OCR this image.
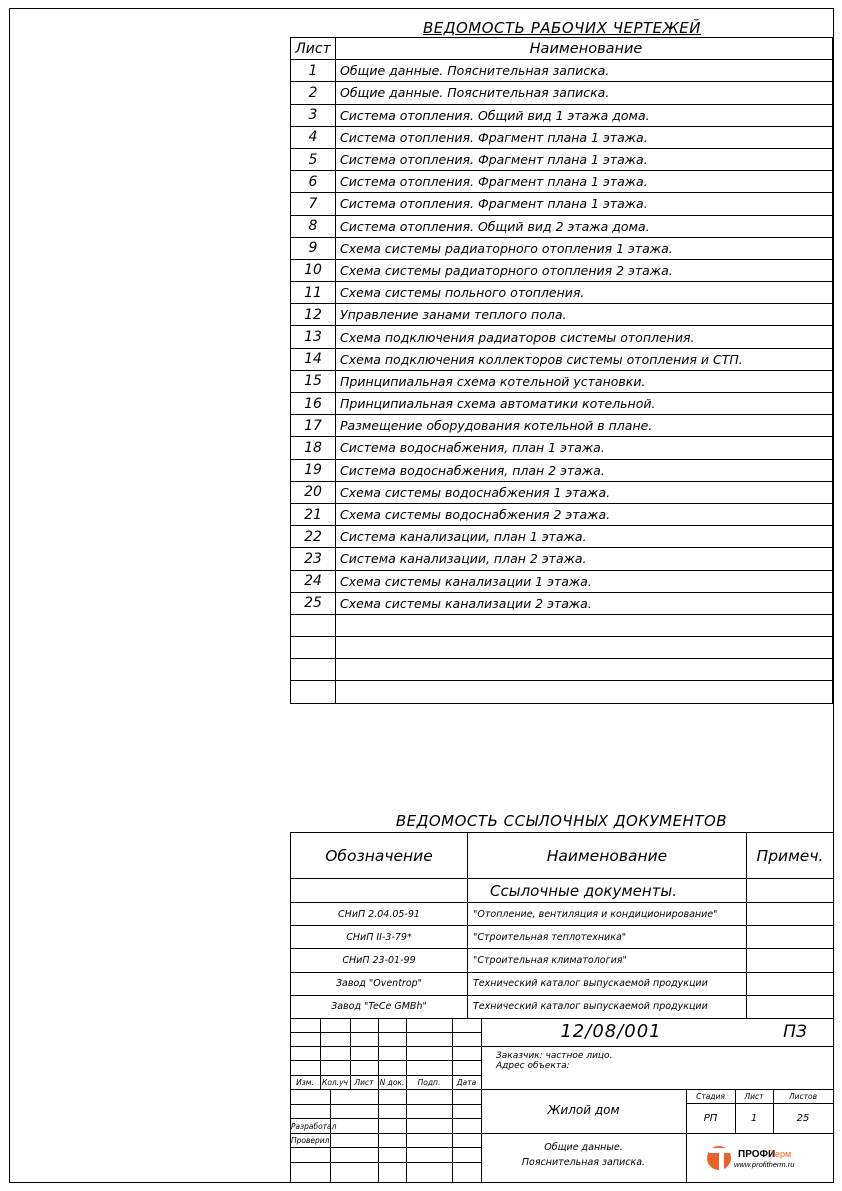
ВЕДОМОСТЬ РАБОЧИХ ЧЕРТЕЖЕЙ
Лист	Наименование
1	Общие данные. Пояснительная записка.
2	Общие данные. Пояснительная записка.
3	Система отопления. Общий вид 1 этажа дома.
4	Система отопления. Фрагмент плана 1 этажа.
5	Система отопления. Фрагмент плана 1 этажа.
6	Система отопления. Фрагмент плана 1 этажа.
7	Система отопления. Фрагмент плана 1 этажа.
8	Система отопления. Общий вид 2 этажа дома.
9	Схема системы радиаторного отопления 1 этажа.
10	Схема системы радиаторного отопления 2 этажа.
11	Схема системы польного отопления.
12	Управление занами теплого пола.
13	Схема подключения радиаторов системы отопления.
14	Схема подключения коллекторов системы отопления и СТП.
15	Принципиальная схема котельной установки.
16	Принципиальная схема автоматики котельной.
17	Размещение оборудования котельной в плане.
18	Система водоснабжения, план 1 этажа.
19	Система водоснабжения, план 2 этажа.
20	Схема системы водоснабжения 1 этажа.
21	Схема системы водоснабжения 2 этажа.
22	Система канализации, план 1 этажа.
23	Система канализации, план 2 этажа.
24	Схема системы канализации 1 этажа.
25	Схема системы канализации 2 этажа.

ВЕДОМОСТЬ ССЫЛОЧНЫХ ДОКУМЕНТОВ
Обозначение	Наименование	Примеч.
	Ссылочные документы.	
СНиП 2.04.05-91	"Отопление, вентиляция и кондиционирование"	
СНиП II-3-79*	"Строительная теплотехника"	
СНиП 23-01-99	"Строительная климатология"	
Завод "Oventrop"	Технический каталог выпускаемой продукции	
Завод "TeCe GMBh"	Технический каталог выпускаемой продукции	
12/08/001	ПЗ
Заказчик: частное лицо.
Адрес объекта:
Изм.	Кол.уч Лист N док.	Подп.	Дата
Разработал
Проверил
Жилой дом
Стадия	Лист	Листов
РП	1	25
Общие данные.
Пояснительная записка.
ПРОФИ
Терм
www.profitherm.ru
